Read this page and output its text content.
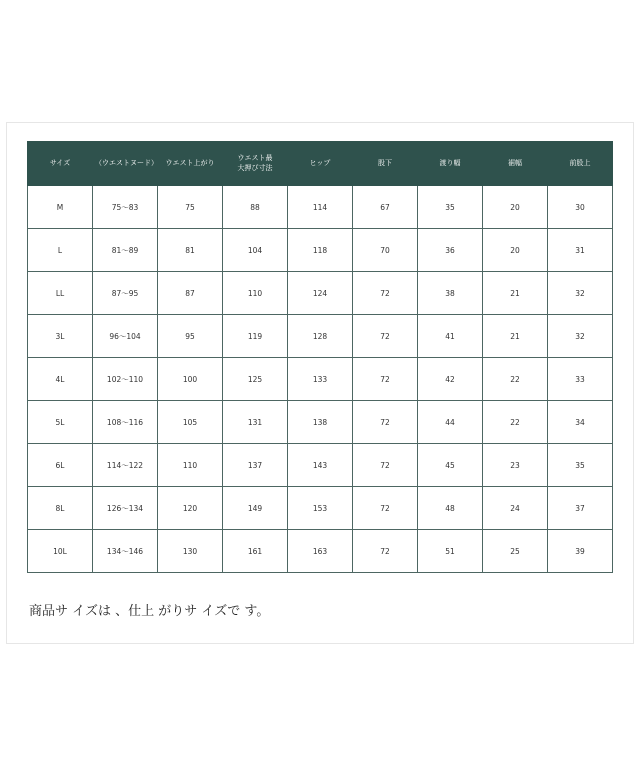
サイズ	（ウエストヌード）	ウエスト上がり	ウエスト最
大押び寸法	ヒップ	股下	渡り幅	裾幅	前股上
M	75～83	75	88	114	67	35	20	30
L	81～89	81	104	118	70	36	20	31
LL	87～95	87	110	124	72	38	21	32
3L	96～104	95	119	128	72	41	21	32
4L	102～110	100	125	133	72	42	22	33
5L	108～116	105	131	138	72	44	22	34
6L	114～122	110	137	143	72	45	23	35
8L	126～134	120	149	153	72	48	24	37
10L	134～146	130	161	163	72	51	25	39
商品サ イズは 、仕上 がりサ イズで す。
